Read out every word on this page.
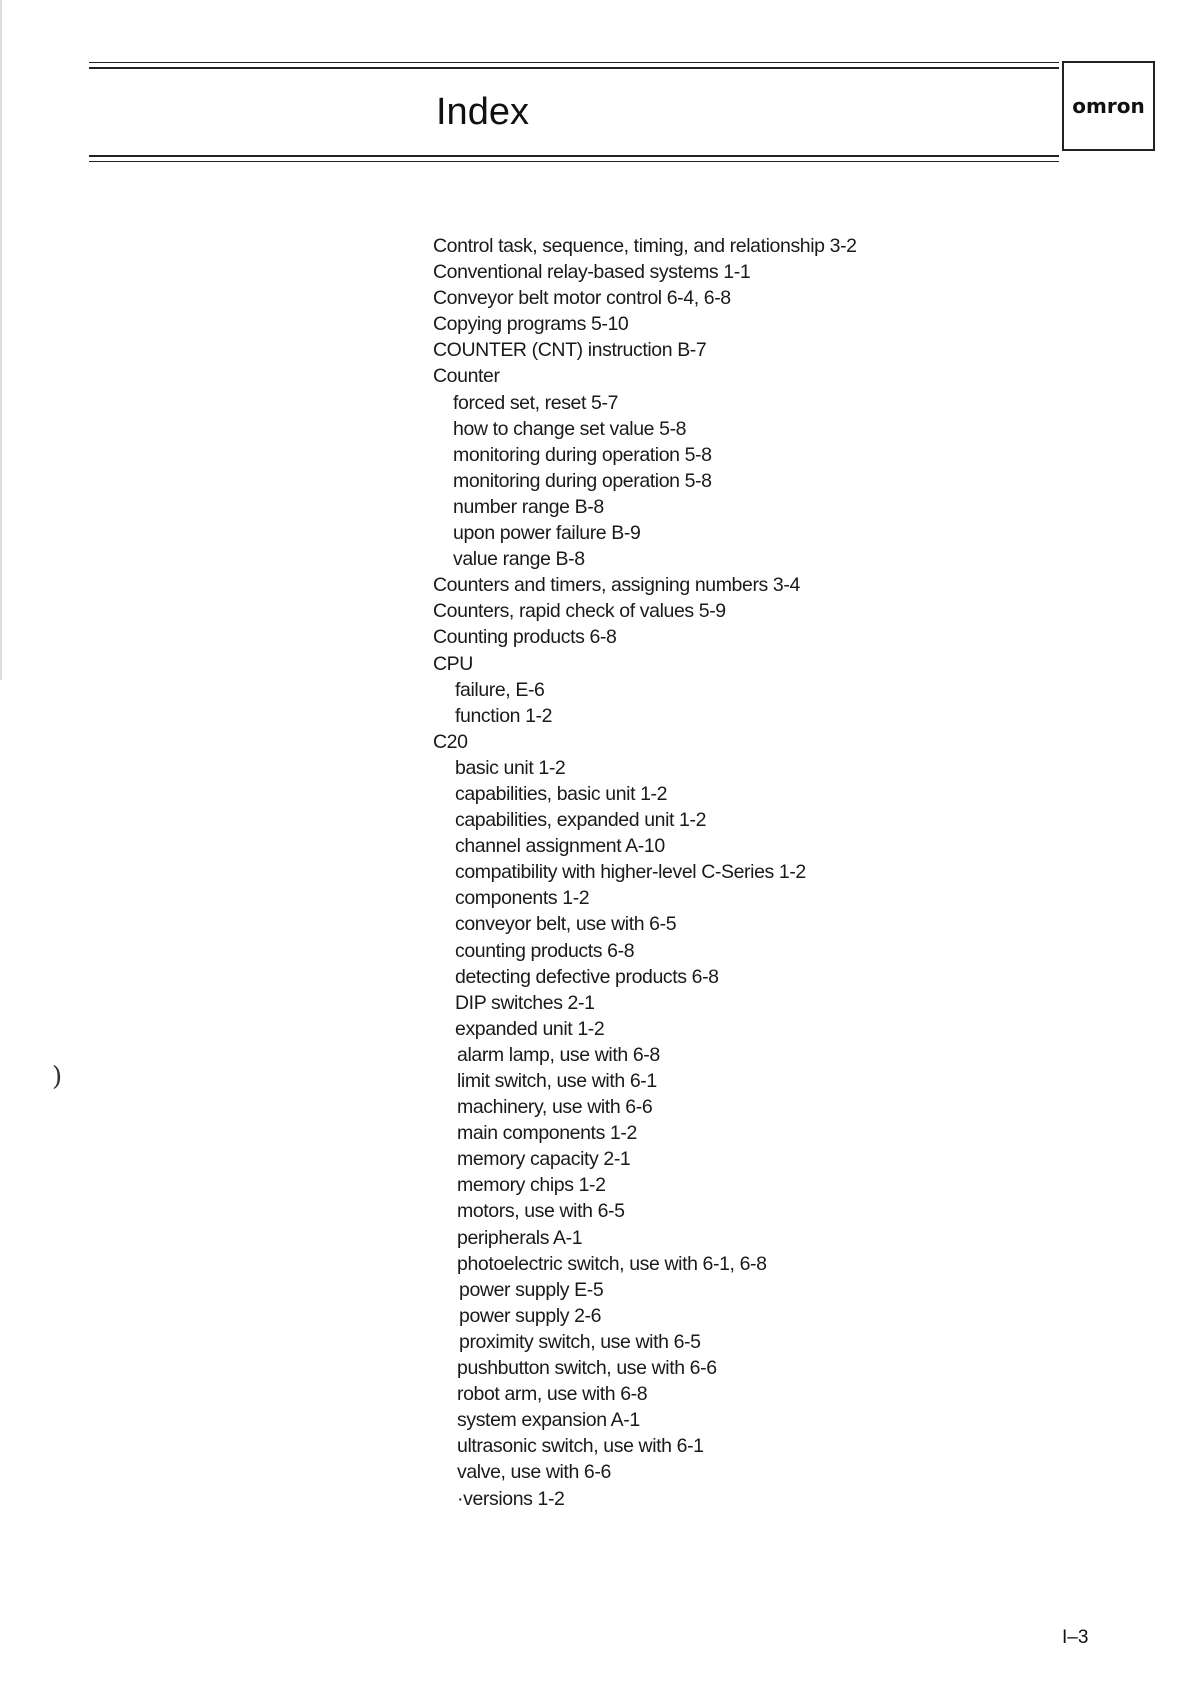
Index	omron
Control task, sequence, timing, and relationship 3-2
Conventional relay-based systems 1-1
Conveyor belt motor control 6-4, 6-8
Copying programs 5-10
COUNTER (CNT) instruction B-7
Counter
forced set, reset 5-7
how to change set value 5-8
monitoring during operation 5-8
monitoring during operation 5-8
number range B-8
upon power failure B-9
value range B-8
Counters and timers, assigning numbers 3-4
Counters, rapid check of values 5-9
Counting products 6-8
CPU
failure, E-6
function 1-2
C20
basic unit 1-2
capabilities, basic unit 1-2
capabilities, expanded unit 1-2
channel assignment A-10
compatibility with higher-level C-Series 1-2
components 1-2
conveyor belt, use with 6-5
counting products 6-8
detecting defective products 6-8
DIP switches 2-1
expanded unit 1-2
alarm lamp, use with 6-8
limit switch, use with 6-1
machinery, use with 6-6
main components 1-2
memory capacity 2-1
memory chips 1-2
motors, use with 6-5
peripherals A-1
photoelectric switch, use with 6-1, 6-8
power supply E-5
power supply 2-6
proximity switch, use with 6-5
pushbutton switch, use with 6-6
robot arm, use with 6-8
system expansion A-1
ultrasonic switch, use with 6-1
valve, use with 6-6
·versions 1-2
)
I–3
